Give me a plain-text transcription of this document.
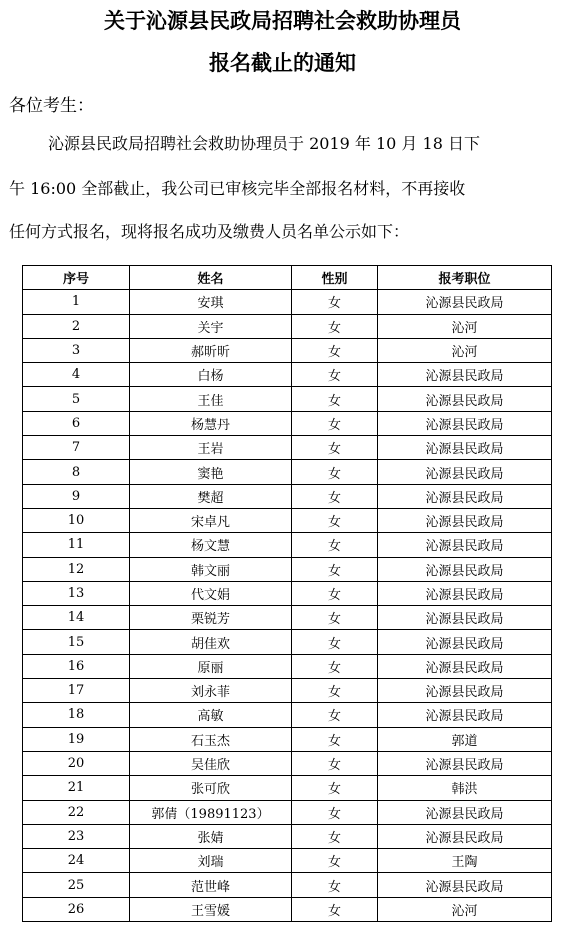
关于沁源县民政局招聘社会救助协理员
报名截止的通知
各位考生：
沁源县民政局招聘社会救助协理员于 2019 年 10 月 18 日下
午 16:00 全部截止，我公司已审核完毕全部报名材料，不再接收
任何方式报名，现将报名成功及缴费人员名单公示如下：
序号	姓名	性别	报考职位
1	安琪	女	沁源县民政局
2	关宇	女	沁河
3	郝昕昕	女	沁河
4	白杨	女	沁源县民政局
5	王佳	女	沁源县民政局
6	杨慧丹	女	沁源县民政局
7	王岩	女	沁源县民政局
8	窦艳	女	沁源县民政局
9	樊超	女	沁源县民政局
10	宋卓凡	女	沁源县民政局
11	杨文慧	女	沁源县民政局
12	韩文丽	女	沁源县民政局
13	代文娟	女	沁源县民政局
14	栗锐芳	女	沁源县民政局
15	胡佳欢	女	沁源县民政局
16	原丽	女	沁源县民政局
17	刘永菲	女	沁源县民政局
18	高敏	女	沁源县民政局
19	石玉杰	女	郭道
20	吴佳欣	女	沁源县民政局
21	张可欣	女	韩洪
22	郭倩（19891123）	女	沁源县民政局
23	张婧	女	沁源县民政局
24	刘瑞	女	王陶
25	范世峰	女	沁源县民政局
26	王雪媛	女	沁河
